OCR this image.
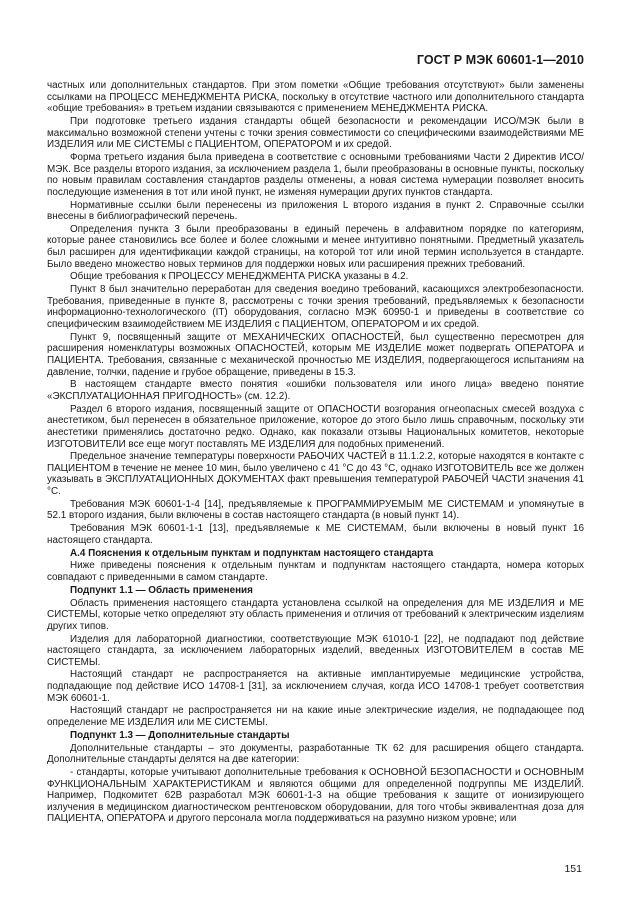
ГОСТ Р МЭК 60601-1—2010

частных или дополнительных стандартов. При этом пометки «Общие требования отсутствуют» были заменены ссылками на ПРОЦЕСС МЕНЕДЖМЕНТА РИСКА, поскольку в отсутствие частного или дополнительного стандарта «общие требования» в третьем издании связываются с применением МЕНЕДЖМЕНТА РИСКА.

При подготовке третьего издания стандарты общей безопасности и рекомендации ИСО/МЭК были в максимально возможной степени учтены с точки зрения совместимости со специфическими взаимодействиями МЕ ИЗДЕЛИЯ или МЕ СИСТЕМЫ с ПАЦИЕНТОМ, ОПЕРАТОРОМ и их средой.

Форма третьего издания была приведена в соответствие с основными требованиями Части 2 Директив ИСО/МЭК. Все разделы второго издания, за исключением раздела 1, были преобразованы в основные пункты, поскольку по новым правилам составления стандартов разделы отменены, а новая система нумерации позволяет вносить последующие изменения в тот или иной пункт, не изменяя нумерации других пунктов стандарта.

Нормативные ссылки были перенесены из приложения L второго издания в пункт 2. Справочные ссылки внесены в библиографический перечень.

Определения пункта 3 были преобразованы в единый перечень в алфавитном порядке по категориям, которые ранее становились все более и более сложными и менее интуитивно понятными. Предметный указатель был расширен для идентификации каждой страницы, на которой тот или иной термин используется в стандарте. Было введено множество новых терминов для поддержки новых или расширения прежних требований.

Общие требования к ПРОЦЕССУ МЕНЕДЖМЕНТА РИСКА указаны в 4.2.

Пункт 8 был значительно переработан для сведения воедино требований, касающихся электробезопасности. Требования, приведенные в пункте 8, рассмотрены с точки зрения требований, предъявляемых к безопасности информационно-технологического (IT) оборудования, согласно МЭК 60950-1 и приведены в соответствие со специфическим взаимодействием МЕ ИЗДЕЛИЯ с ПАЦИЕНТОМ, ОПЕРАТОРОМ и их средой.

Пункт 9, посвященный защите от МЕХАНИЧЕСКИХ ОПАСНОСТЕЙ, был существенно пересмотрен для расширения номенклатуры возможных ОПАСНОСТЕЙ, которым МЕ ИЗДЕЛИЕ может подвергать ОПЕРАТОРА и ПАЦИЕНТА. Требования, связанные с механической прочностью МЕ ИЗДЕЛИЯ, подвергающегося испытаниям на давление, толчки, падение и грубое обращение, приведены в 15.3.

В настоящем стандарте вместо понятия «ошибки пользователя или иного лица» введено понятие «ЭКСПЛУАТАЦИОННАЯ ПРИГОДНОСТЬ» (см. 12.2).

Раздел 6 второго издания, посвященный защите от ОПАСНОСТИ возгорания огнеопасных смесей воздуха с анестетиком, был перенесен в обязательное приложение, которое до этого было лишь справочным, поскольку эти анестетики применялись достаточно редко. Однако, как показали отзывы Национальных комитетов, некоторые ИЗГОТОВИТЕЛИ все еще могут поставлять МЕ ИЗДЕЛИЯ для подобных применений.

Предельное значение температуры поверхности РАБОЧИХ ЧАСТЕЙ в 11.1.2.2, которые находятся в контакте с ПАЦИЕНТОМ в течение не менее 10 мин, было увеличено с 41 °С до 43 °С, однако ИЗГОТОВИТЕЛЬ все же должен указывать в ЭКСПЛУАТАЦИОННЫХ ДОКУМЕНТАХ факт превышения температурой РАБОЧЕЙ ЧАСТИ значения 41 °С.

Требования МЭК 60601-1-4 [14], предъявляемые к ПРОГРАММИРУЕМЫМ МЕ СИСТЕМАМ и упомянутые в 52.1 второго издания, были включены в состав настоящего стандарта (в новый пункт 14).

Требования МЭК 60601-1-1 [13], предъявляемые к МЕ СИСТЕМАМ, были включены в новый пункт 16 настоящего стандарта.

А.4 Пояснения к отдельным пунктам и подпунктам настоящего стандарта

Ниже приведены пояснения к отдельным пунктам и подпунктам настоящего стандарта, номера которых совпадают с приведенными в самом стандарте.

Подпункт 1.1 — Область применения

Область применения настоящего стандарта установлена ссылкой на определения для МЕ ИЗДЕЛИЯ и МЕ СИСТЕМЫ, которые четко определяют эту область применения и отличия от требований к электрическим изделиям других типов.

Изделия для лабораторной диагностики, соответствующие МЭК 61010-1 [22], не подпадают под действие настоящего стандарта, за исключением лабораторных изделий, введенных ИЗГОТОВИТЕЛЕМ в состав МЕ СИСТЕМЫ.

Настоящий стандарт не распространяется на активные имплантируемые медицинские устройства, подпадающие под действие ИСО 14708-1 [31], за исключением случая, когда ИСО 14708-1 требует соответствия МЭК 60601-1.

Настоящий стандарт не распространяется ни на какие иные электрические изделия, не подпадающее под определение МЕ ИЗДЕЛИЯ или МЕ СИСТЕМЫ.

Подпункт 1.3 — Дополнительные стандарты

Дополнительные стандарты – это документы, разработанные ТК 62 для расширения общего стандарта. Дополнительные стандарты делятся на две категории:

- стандарты, которые учитывают дополнительные требования к ОСНОВНОЙ БЕЗОПАСНОСТИ и ОСНОВНЫМ ФУНКЦИОНАЛЬНЫМ ХАРАКТЕРИСТИКАМ и являются общими для определенной подгруппы МЕ ИЗДЕЛИЙ. Например, Подкомитет 62В разработал МЭК 60601-1-3 на общие требования к защите от ионизирующего излучения в медицинском диагностическом рентгеновском оборудовании, для того чтобы эквивалентная доза для ПАЦИЕНТА, ОПЕРАТОРА и другого персонала могла поддерживаться на разумно низком уровне; или

151
